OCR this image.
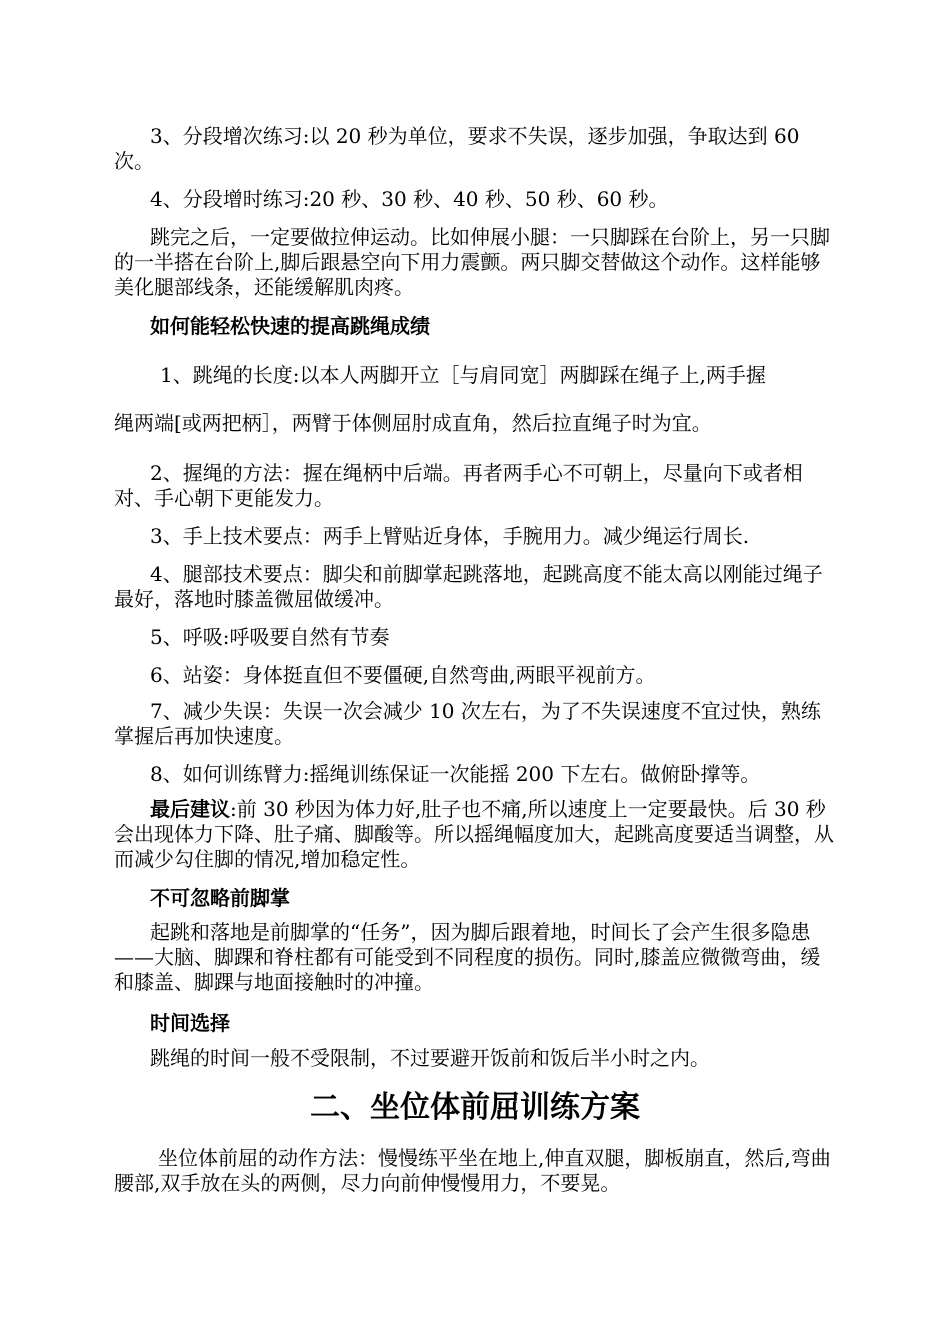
3、分段增次练习:以 20 秒为单位，要求不失误，逐步加强，争取达到 60 次。

4、分段增时练习:20 秒、30 秒、40 秒、50 秒、60 秒。

跳完之后，一定要做拉伸运动。比如伸展小腿：一只脚踩在台阶上，另一只脚的一半搭在台阶上,脚后跟悬空向下用力震颤。两只脚交替做这个动作。这样能够美化腿部线条，还能缓解肌肉疼。

如何能轻松快速的提高跳绳成绩

1、跳绳的长度:以本人两脚开立［与肩同宽］两脚踩在绳子上,两手握

绳两端[或两把柄］，两臂于体侧屈肘成直角，然后拉直绳子时为宜。

2、握绳的方法：握在绳柄中后端。再者两手心不可朝上，尽量向下或者相对、手心朝下更能发力。

3、手上技术要点：两手上臂贴近身体，手腕用力。减少绳运行周长.

4、腿部技术要点：脚尖和前脚掌起跳落地，起跳高度不能太高以刚能过绳子最好，落地时膝盖微屈做缓冲。

5、呼吸:呼吸要自然有节奏

6、站姿：身体挺直但不要僵硬,自然弯曲,两眼平视前方。

7、减少失误：失误一次会减少 10 次左右，为了不失误速度不宜过快，熟练掌握后再加快速度。

8、如何训练臂力:摇绳训练保证一次能摇 200 下左右。做俯卧撑等。

最后建议:前 30 秒因为体力好,肚子也不痛,所以速度上一定要最快。后 30 秒会出现体力下降、肚子痛、脚酸等。所以摇绳幅度加大，起跳高度要适当调整，从而减少勾住脚的情况,增加稳定性。

不可忽略前脚掌

起跳和落地是前脚掌的“任务”，因为脚后跟着地，时间长了会产生很多隐患——大脑、脚踝和脊柱都有可能受到不同程度的损伤。同时,膝盖应微微弯曲，缓和膝盖、脚踝与地面接触时的冲撞。

时间选择

跳绳的时间一般不受限制，不过要避开饭前和饭后半小时之内。

二、坐位体前屈训练方案

坐位体前屈的动作方法：慢慢练平坐在地上,伸直双腿，脚板崩直，然后,弯曲腰部,双手放在头的两侧，尽力向前伸慢慢用力，不要晃。
